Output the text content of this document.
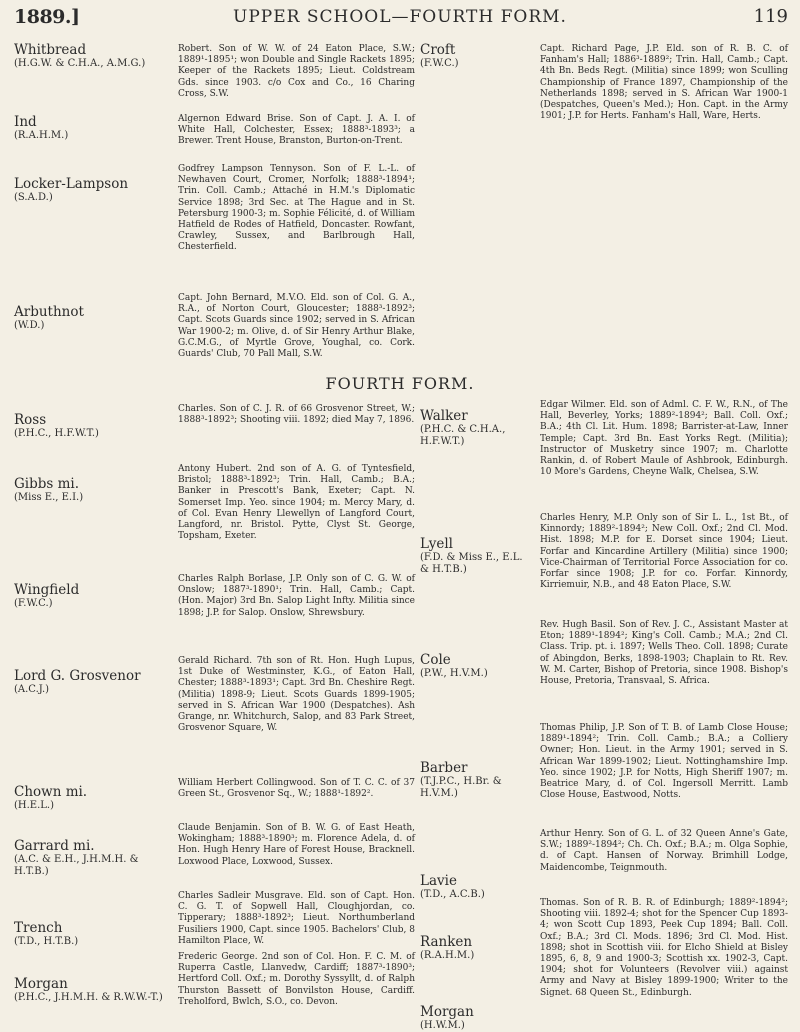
1889.]	UPPER SCHOOL—FOURTH FORM.	119
Whitbread
(H.G.W. & C.H.A., A.M.G.)
Ind
(R.A.H.M.)
Locker-Lampson
(S.A.D.)
Arbuthnot
(W.D.)
Ross
(P.H.C., H.F.W.T.)
Gibbs mi.
(Miss E., E.I.)
Wingfield
(F.W.C.)
Lord G. Grosvenor
(A.C.J.)
Chown mi.
(H.E.L.)
Garrard mi.
(A.C. & E.H., J.H.M.H. & H.T.B.)
Trench
(T.D., H.T.B.)
Morgan
(P.H.C., J.H.M.H. & R.W.W.-T.)

Robert. Son of W. W. of 24 Eaton Place, S.W.; 1889¹-1895¹; won Double and Single Rackets 1895; Keeper of the Rackets 1895; Lieut. Coldstream Gds. since 1903. c/o Cox and Co., 16 Charing Cross, S.W.

Algernon Edward Brise. Son of Capt. J. A. I. of White Hall, Colchester, Essex; 1888³-1893³; a Brewer. Trent House, Branston, Burton-on-Trent.

Godfrey Lampson Tennyson. Son of F. L.-L. of Newhaven Court, Cromer, Norfolk; 1888³-1894¹; Trin. Coll. Camb.; Attaché in H.M.'s Diplomatic Service 1898; 3rd Sec. at The Hague and in St. Petersburg 1900-3; m. Sophie Félicité, d. of William Hatfield de Rodes of Hatfield, Doncaster. Rowfant, Crawley, Sussex, and Barlbrough Hall, Chesterfield.

Capt. John Bernard, M.V.O. Eld. son of Col. G. A., R.A., of Norton Court, Gloucester; 1888³-1892³; Capt. Scots Guards since 1902; served in S. African War 1900-2; m. Olive, d. of Sir Henry Arthur Blake, G.C.M.G., of Myrtle Grove, Youghal, co. Cork. Guards' Club, 70 Pall Mall, S.W.

Charles. Son of C. J. R. of 66 Grosvenor Street, W.; 1888³-1892³; Shooting viii. 1892; died May 7, 1896.

Antony Hubert. 2nd son of A. G. of Tyntesfield, Bristol; 1888³-1892³; Trin. Hall, Camb.; B.A.; Banker in Prescott's Bank, Exeter; Capt. N. Somerset Imp. Yeo. since 1904; m. Mercy Mary, d. of Col. Evan Henry Llewellyn of Langford Court, Langford, nr. Bristol. Pytte, Clyst St. George, Topsham, Exeter.

Charles Ralph Borlase, J.P. Only son of C. G. W. of Onslow; 1887³-1890¹; Trin. Hall, Camb.; Capt. (Hon. Major) 3rd Bn. Salop Light Infty. Militia since 1898; J.P. for Salop. Onslow, Shrewsbury.

Gerald Richard. 7th son of Rt. Hon. Hugh Lupus, 1st Duke of Westminster, K.G., of Eaton Hall, Chester; 1888³-1893¹; Capt. 3rd Bn. Cheshire Regt. (Militia) 1898-9; Lieut. Scots Guards 1899-1905; served in S. African War 1900 (Despatches). Ash Grange, nr. Whitchurch, Salop, and 83 Park Street, Grosvenor Square, W.

William Herbert Collingwood. Son of T. C. C. of 37 Green St., Grosvenor Sq., W.; 1888¹-1892².

Claude Benjamin. Son of B. W. G. of East Heath, Wokingham; 1888³-1890³; m. Florence Adela, d. of Hon. Hugh Henry Hare of Forest House, Bracknell. Loxwood Place, Loxwood, Sussex.

Charles Sadleir Musgrave. Eld. son of Capt. Hon. C. G. T. of Sopwell Hall, Cloughjordan, co. Tipperary; 1888³-1892³; Lieut. Northumberland Fusiliers 1900, Capt. since 1905. Bachelors' Club, 8 Hamilton Place, W.

Frederic George. 2nd son of Col. Hon. F. C. M. of Ruperra Castle, Llanvedw, Cardiff; 1887³-1890³; Hertford Coll. Oxf.; m. Dorothy Syssyllt, d. of Ralph Thurston Bassett of Bonvilston House, Cardiff. Treholford, Bwlch, S.O., co. Devon.

Croft
(F.W.C.)

Capt. Richard Page, J.P. Eld. son of R. B. C. of Fanham's Hall; 1886³-1889²; Trin. Hall, Camb.; Capt. 4th Bn. Beds Regt. (Militia) since 1899; won Sculling Championship of France 1897, Championship of the Netherlands 1898; served in S. African War 1900-1 (Despatches, Queen's Med.); Hon. Capt. in the Army 1901; J.P. for Herts. Fanham's Hall, Ware, Herts.

FOURTH FORM.
Walker
(P.H.C. & C.H.A., H.F.W.T.)
Lyell
(F.D. & Miss E., E.L. & H.T.B.)
Cole
(P.W., H.V.M.)
Barber
(T.J.P.C., H.Br. & H.V.M.)
Lavie
(T.D., A.C.B.)
Ranken
(R.A.H.M.)
Morgan
(H.W.M.)

Edgar Wilmer. Eld. son of Adml. C. F. W., R.N., of The Hall, Beverley, Yorks; 1889²-1894²; Ball. Coll. Oxf.; B.A.; 4th Cl. Lit. Hum. 1898; Barrister-at-Law, Inner Temple; Capt. 3rd Bn. East Yorks Regt. (Militia); Instructor of Musketry since 1907; m. Charlotte Rankin, d. of Robert Maule of Ashbrook, Edinburgh. 10 More's Gardens, Cheyne Walk, Chelsea, S.W.

Charles Henry, M.P. Only son of Sir L. L., 1st Bt., of Kinnordy; 1889²-1894²; New Coll. Oxf.; 2nd Cl. Mod. Hist. 1898; M.P. for E. Dorset since 1904; Lieut. Forfar and Kincardine Artillery (Militia) since 1900; Vice-Chairman of Territorial Force Association for co. Forfar since 1908; J.P. for co. Forfar. Kinnordy, Kirriemuir, N.B., and 48 Eaton Place, S.W.

Rev. Hugh Basil. Son of Rev. J. C., Assistant Master at Eton; 1889¹-1894²; King's Coll. Camb.; M.A.; 2nd Cl. Class. Trip. pt. i. 1897; Wells Theo. Coll. 1898; Curate of Abingdon, Berks, 1898-1903; Chaplain to Rt. Rev. W. M. Carter, Bishop of Pretoria, since 1908. Bishop's House, Pretoria, Transvaal, S. Africa.

Thomas Philip, J.P. Son of T. B. of Lamb Close House; 1889¹-1894²; Trin. Coll. Camb.; B.A.; a Colliery Owner; Hon. Lieut. in the Army 1901; served in S. African War 1899-1902; Lieut. Nottinghamshire Imp. Yeo. since 1902; J.P. for Notts, High Sheriff 1907; m. Beatrice Mary, d. of Col. Ingersoll Merritt. Lamb Close House, Eastwood, Notts.

Arthur Henry. Son of G. L. of 32 Queen Anne's Gate, S.W.; 1889²-1894²; Ch. Ch. Oxf.; B.A.; m. Olga Sophie, d. of Capt. Hansen of Norway. Brimhill Lodge, Maidencombe, Teignmouth.

Thomas. Son of R. B. R. of Edinburgh; 1889²-1894²; Shooting viii. 1892-4; shot for the Spencer Cup 1893-4; won Scott Cup 1893, Peek Cup 1894; Ball. Coll. Oxf.; B.A.; 3rd Cl. Mods. 1896; 3rd Cl. Mod. Hist. 1898; shot in Scottish viii. for Elcho Shield at Bisley 1895, 6, 8, 9 and 1900-3; Scottish xx. 1902-3, Capt. 1904; shot for Volunteers (Revolver viii.) against Army and Navy at Bisley 1899-1900; Writer to the Signet. 68 Queen St., Edinburgh.
